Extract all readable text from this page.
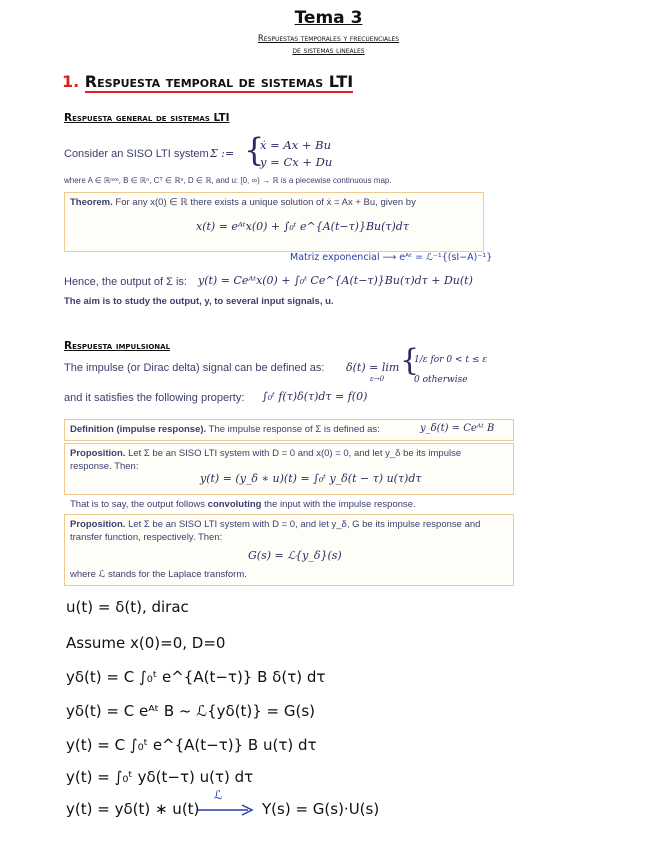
Tema 3
Respuestas temporales y frecuenciales
de sistemas lineales
1. Respuesta temporal de sistemas LTI
Respuesta general de sistemas LTI
Consider an SISO LTI system Σ := {
ẋ = Ax + Bu
y = Cx + Du
where A ∈ ℝⁿˣⁿ, B ∈ ℝⁿ, Cᵀ ∈ ℝⁿ, D ∈ ℝ, and u: [0, ∞) → ℝ is a piecewise continuous map.
Theorem. For any x(0) ∈ ℝ there exists a unique solution of ẋ = Ax + Bu, given by
x(t) = eᴬᵗx(0) + ∫₀ᵗ e^{A(t−τ)}Bu(τ)dτ
Matriz exponencial ⟶ eᴬᵗ = ℒ⁻¹{(sI−A)⁻¹}
Hence, the output of Σ is: y(t) = Ceᴬᵗx(0) + ∫₀ᵗ Ce^{A(t−τ)}Bu(τ)dτ + Du(t)
The aim is to study the output, y, to several input signals, u.
Respuesta impulsional
The impulse (or Dirac delta) signal can be defined as: δ(t) = lim
ε→0
{
1/ε for 0 < t ≤ ε
0 otherwise
and it satisfies the following property: ∫₀ᵗ f(τ)δ(τ)dτ = f(0)
Definition (impulse response). The impulse response of Σ is defined as:	y_δ(t) = Ceᴬᵗ B
Proposition. Let Σ be an SISO LTI system with D = 0 and x(0) = 0, and let y_δ be its impulse response. Then:
y(t) = (y_δ ∗ u)(t) = ∫₀ᵗ y_δ(t − τ) u(τ)dτ
That is to say, the output follows convoluting the input with the impulse response.
Proposition. Let Σ be an SISO LTI system with D = 0, and let y_δ, G be its impulse response and transfer function, respectively. Then:
G(s) = ℒ{y_δ}(s)
where ℒ stands for the Laplace transform.
u(t) = δ(t), dirac
Assume x(0)=0, D=0
yδ(t) = C ∫₀ᵗ e^{A(t−τ)} B δ(τ) dτ
yδ(t) = C eᴬᵗ B ~ ℒ{yδ(t)} = G(s)
y(t) = C ∫₀ᵗ e^{A(t−τ)} B u(τ) dτ
y(t) = ∫₀ᵗ yδ(t−τ) u(τ) dτ
y(t) = yδ(t) ∗ u(t)
ℒ
Y(s) = G(s)·U(s)
